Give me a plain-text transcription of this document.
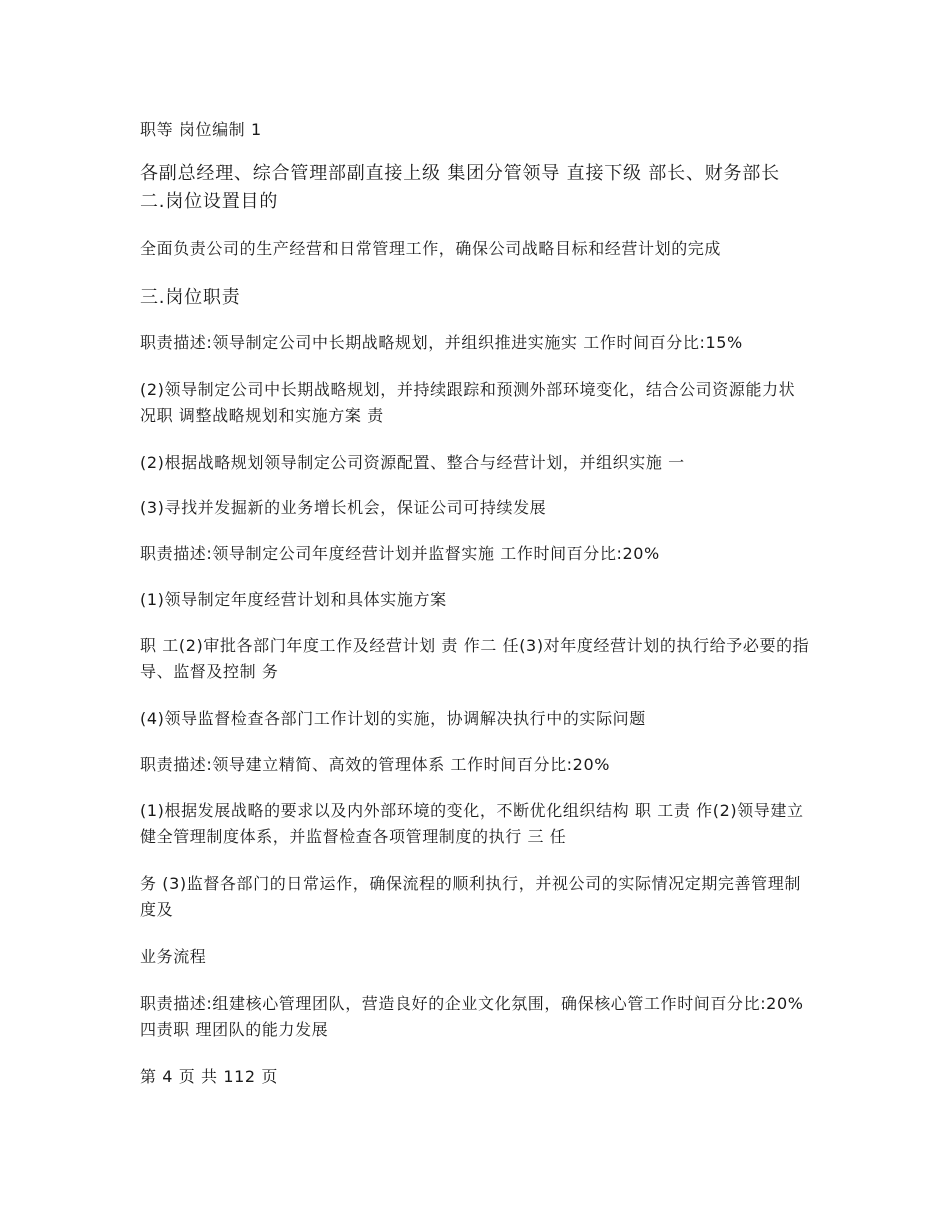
职等 岗位编制 1
各副总经理、综合管理部副直接上级 集团分管领导 直接下级 部长、财务部长 二.岗位设置目的
全面负责公司的生产经营和日常管理工作，确保公司战略目标和经营计划的完成
三.岗位职责
职责描述:领导制定公司中长期战略规划，并组织推进实施实 工作时间百分比:15%
(2)领导制定公司中长期战略规划，并持续跟踪和预测外部环境变化，结合公司资源能力状况职 调整战略规划和实施方案 责
(2)根据战略规划领导制定公司资源配置、整合与经营计划，并组织实施 一
(3)寻找并发掘新的业务增长机会，保证公司可持续发展
职责描述:领导制定公司年度经营计划并监督实施 工作时间百分比:20%
(1)领导制定年度经营计划和具体实施方案
职 工(2)审批各部门年度工作及经营计划 责 作二 任(3)对年度经营计划的执行给予必要的指导、监督及控制 务
(4)领导监督检查各部门工作计划的实施，协调解决执行中的实际问题
职责描述:领导建立精简、高效的管理体系 工作时间百分比:20%
(1)根据发展战略的要求以及内外部环境的变化，不断优化组织结构 职 工责 作(2)领导建立健全管理制度体系，并监督检查各项管理制度的执行 三 任
务 (3)监督各部门的日常运作，确保流程的顺利执行，并视公司的实际情况定期完善管理制度及
业务流程
职责描述:组建核心管理团队，营造良好的企业文化氛围，确保核心管工作时间百分比:20% 四责职 理团队的能力发展
第 4 页 共 112 页
